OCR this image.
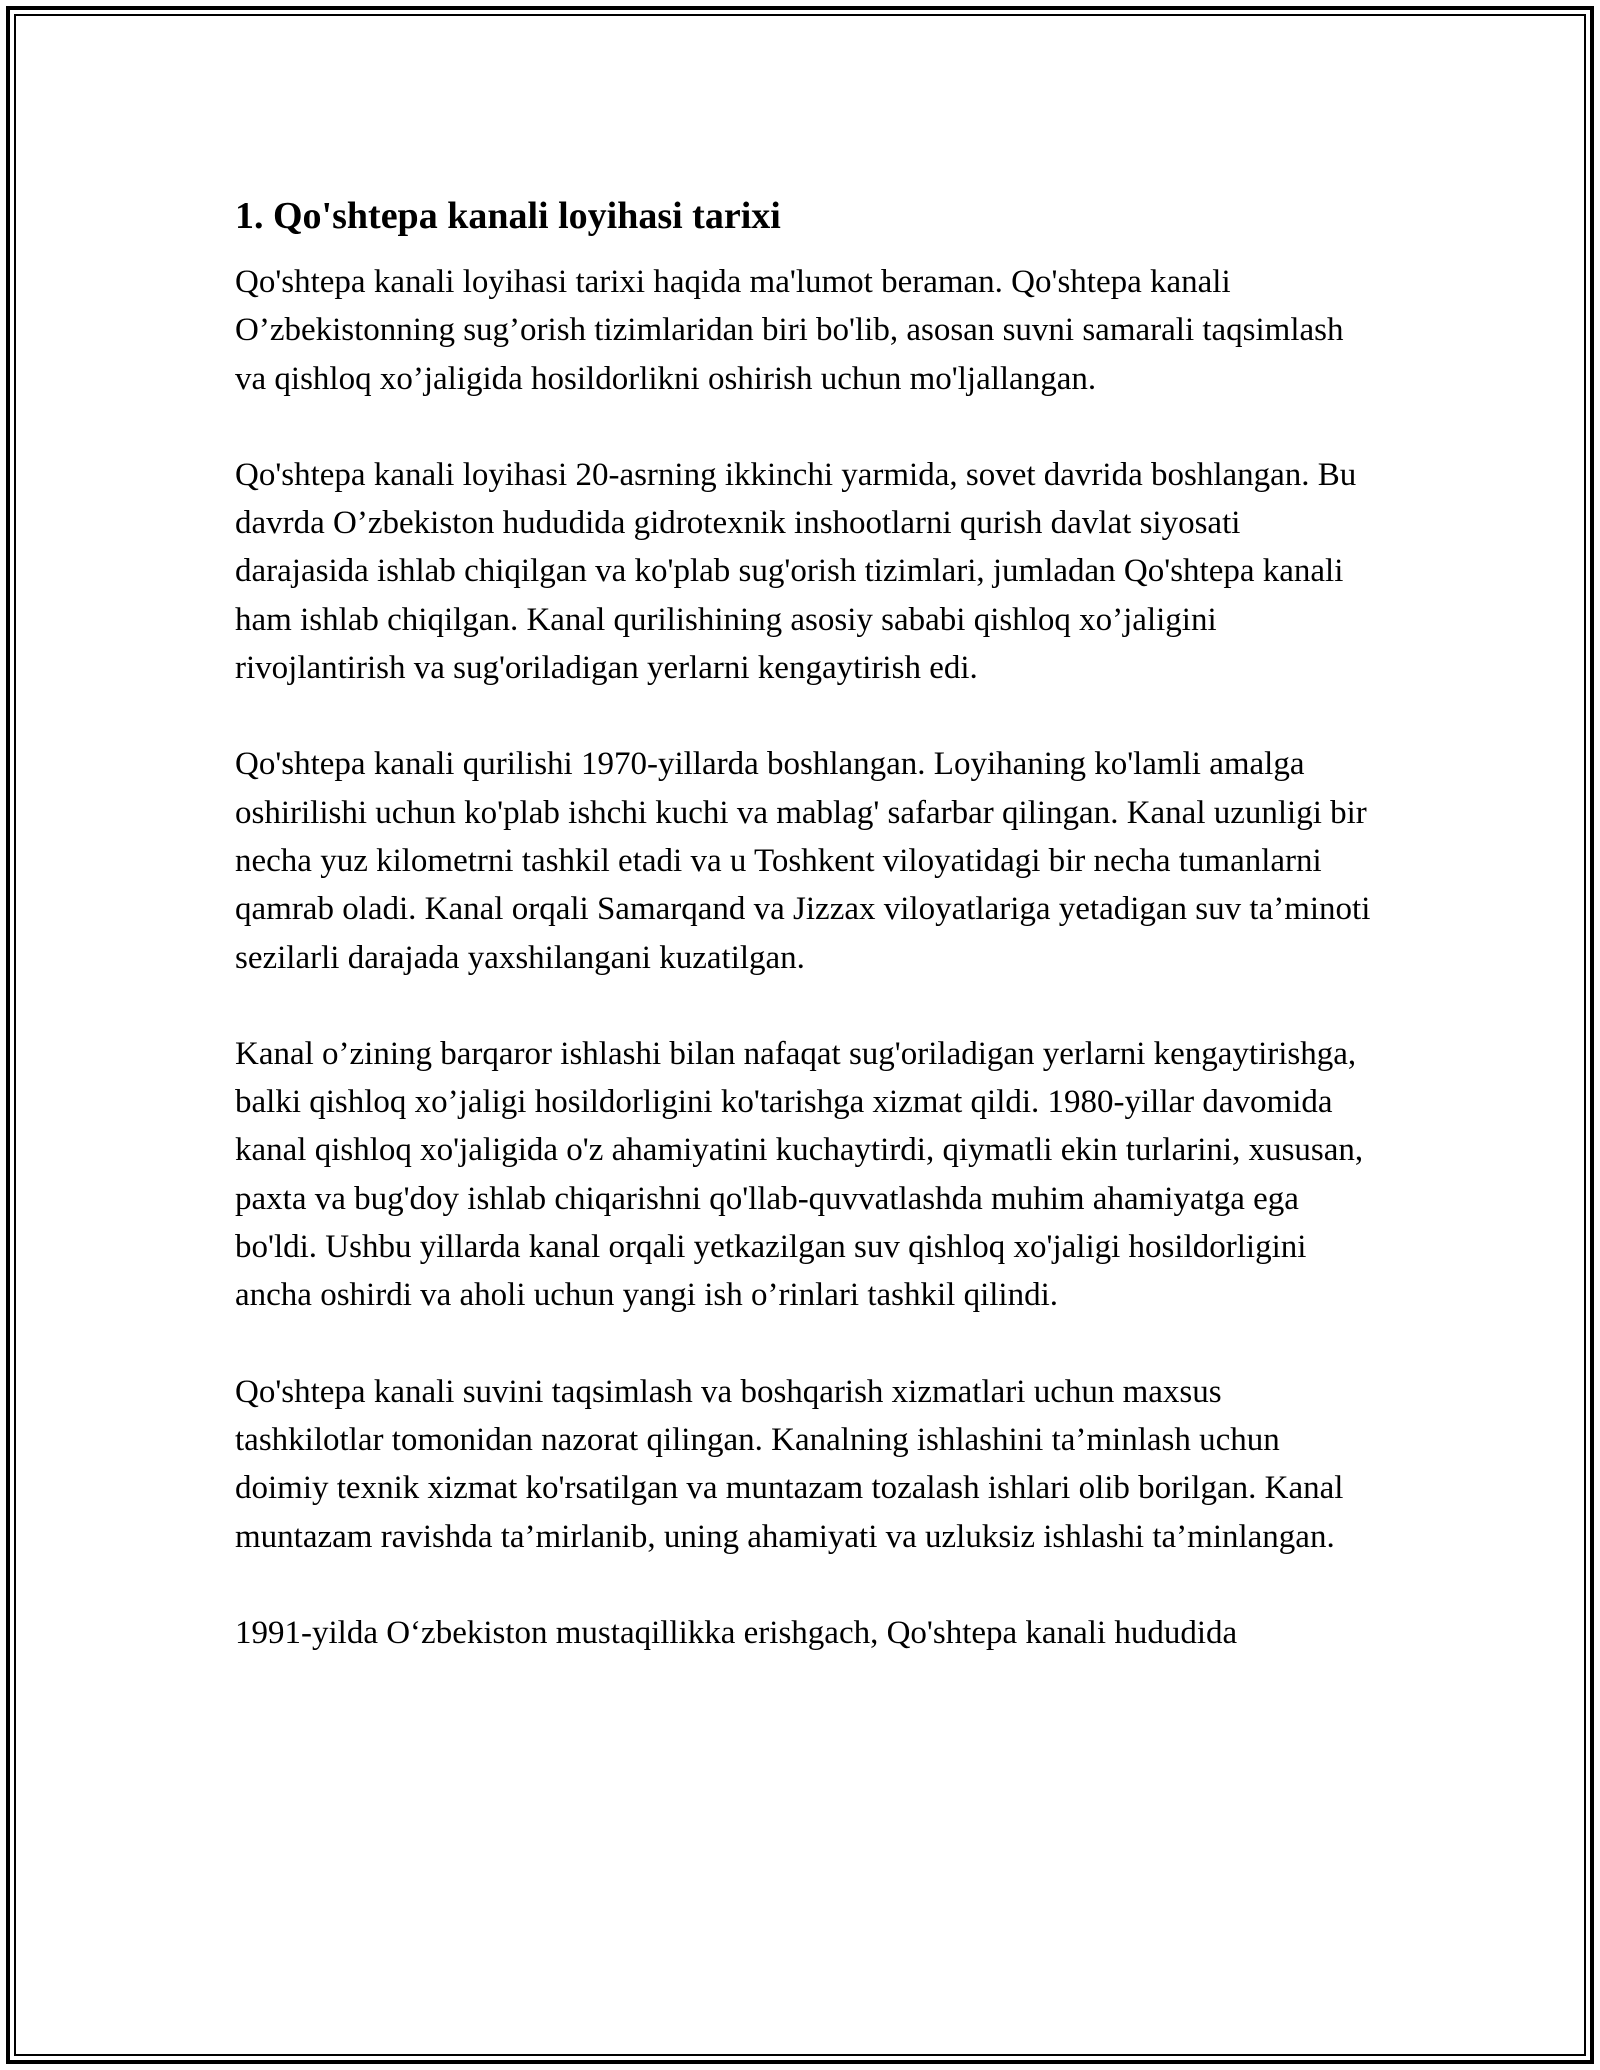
1. Qo'shtepa kanali loyihasi tarixi

Qo'shtepa kanali loyihasi tarixi haqida ma'lumot beraman. Qo'shtepa kanali O’zbekistonning sug’orish tizimlaridan biri bo'lib, asosan suvni samarali taqsimlash va qishloq xo’jaligida hosildorlikni oshirish uchun mo'ljallangan.

Qo'shtepa kanali loyihasi 20-asrning ikkinchi yarmida, sovet davrida boshlangan. Bu davrda O’zbekiston hududida gidrotexnik inshootlarni qurish davlat siyosati darajasida ishlab chiqilgan va ko'plab sug'orish tizimlari, jumladan Qo'shtepa kanali ham ishlab chiqilgan. Kanal qurilishining asosiy sababi qishloq xo’jaligini rivojlantirish va sug'oriladigan yerlarni kengaytirish edi.

Qo'shtepa kanali qurilishi 1970-yillarda boshlangan. Loyihaning ko'lamli amalga oshirilishi uchun ko'plab ishchi kuchi va mablag' safarbar qilingan. Kanal uzunligi bir necha yuz kilometrni tashkil etadi va u Toshkent viloyatidagi bir necha tumanlarni qamrab oladi. Kanal orqali Samarqand va Jizzax viloyatlariga yetadigan suv ta’minoti sezilarli darajada yaxshilangani kuzatilgan.

Kanal o’zining barqaror ishlashi bilan nafaqat sug'oriladigan yerlarni kengaytirishga, balki qishloq xo’jaligi hosildorligini ko'tarishga xizmat qildi. 1980-yillar davomida kanal qishloq xo'jaligida o'z ahamiyatini kuchaytirdi, qiymatli ekin turlarini, xususan, paxta va bug'doy ishlab chiqarishni qo'llab-quvvatlashda muhim ahamiyatga ega bo'ldi. Ushbu yillarda kanal orqali yetkazilgan suv qishloq xo'jaligi hosildorligini ancha oshirdi va aholi uchun yangi ish o’rinlari tashkil qilindi.

Qo'shtepa kanali suvini taqsimlash va boshqarish xizmatlari uchun maxsus tashkilotlar tomonidan nazorat qilingan. Kanalning ishlashini ta’minlash uchun doimiy texnik xizmat ko'rsatilgan va muntazam tozalash ishlari olib borilgan. Kanal muntazam ravishda ta’mirlanib, uning ahamiyati va uzluksiz ishlashi ta’minlangan.

1991-yilda O‘zbekiston mustaqillikka erishgach, Qo'shtepa kanali hududida
